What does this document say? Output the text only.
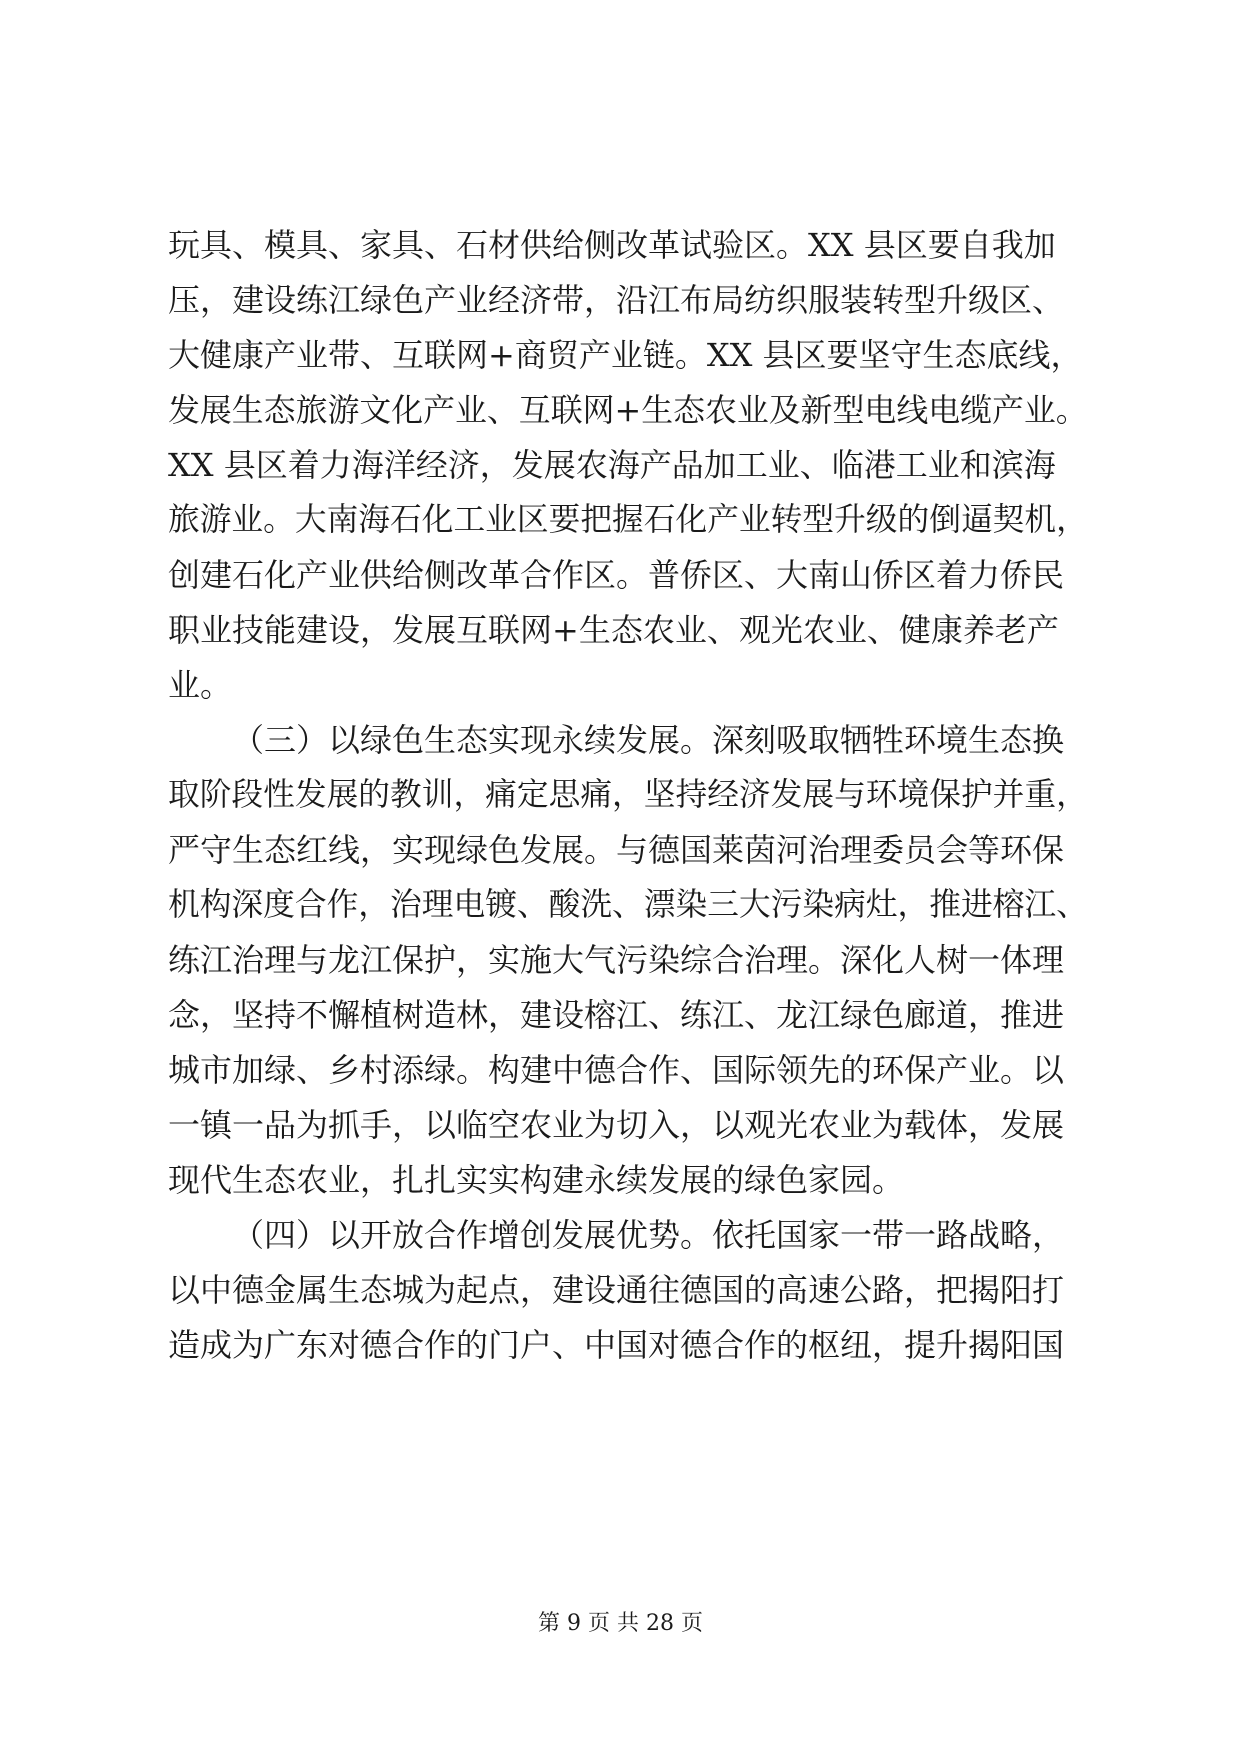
玩具、模具、家具、石材供给侧改革试验区。XX 县区要自我加
压，建设练江绿色产业经济带，沿江布局纺织服装转型升级区、
大健康产业带、互联网+商贸产业链。XX 县区要坚守生态底线，
发展生态旅游文化产业、互联网+生态农业及新型电线电缆产业。
XX 县区着力海洋经济，发展农海产品加工业、临港工业和滨海
旅游业。大南海石化工业区要把握石化产业转型升级的倒逼契机，
创建石化产业供给侧改革合作区。普侨区、大南山侨区着力侨民
职业技能建设，发展互联网+生态农业、观光农业、健康养老产
业。
（三）以绿色生态实现永续发展。深刻吸取牺牲环境生态换
取阶段性发展的教训，痛定思痛，坚持经济发展与环境保护并重，
严守生态红线，实现绿色发展。与德国莱茵河治理委员会等环保
机构深度合作，治理电镀、酸洗、漂染三大污染病灶，推进榕江、
练江治理与龙江保护，实施大气污染综合治理。深化人树一体理
念，坚持不懈植树造林，建设榕江、练江、龙江绿色廊道，推进
城市加绿、乡村添绿。构建中德合作、国际领先的环保产业。以
一镇一品为抓手，以临空农业为切入，以观光农业为载体，发展
现代生态农业，扎扎实实构建永续发展的绿色家园。
（四）以开放合作增创发展优势。依托国家一带一路战略，
以中德金属生态城为起点，建设通往德国的高速公路，把揭阳打
造成为广东对德合作的门户、中国对德合作的枢纽，提升揭阳国
第 9 页 共 28 页
